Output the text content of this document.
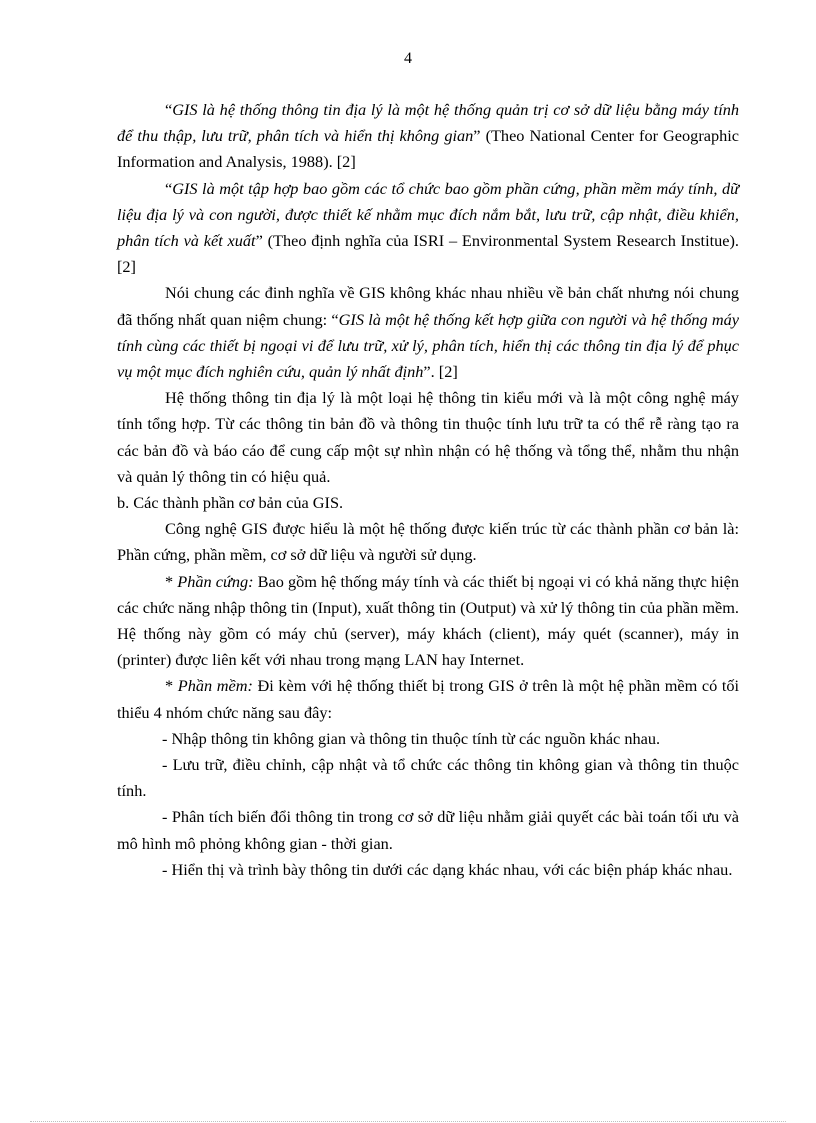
4

“GIS là hệ thống thông tin địa lý là một hệ thống quản trị cơ sở dữ liệu bằng máy tính để thu thập, lưu trữ, phân tích và hiển thị không gian” (Theo National Center for Geographic Information and Analysis, 1988). [2]

“GIS là một tập hợp bao gồm các tổ chức bao gồm phần cứng, phần mềm máy tính, dữ liệu địa lý và con người, được thiết kế nhằm mục đích nắm bắt, lưu trữ, cập nhật, điều khiển, phân tích và kết xuất” (Theo định nghĩa của ISRI – Environmental System Research Institue). [2]

Nói chung các đinh nghĩa về GIS không khác nhau nhiều về bản chất nhưng nói chung đã thống nhất quan niệm chung: “GIS là một hệ thống kết hợp giữa con người và hệ thống máy tính cùng các thiết bị ngoại vi để lưu trữ, xử lý, phân tích, hiển thị các thông tin địa lý để phục vụ một mục đích nghiên cứu, quản lý nhất định”. [2]

Hệ thống thông tin địa lý là một loại hệ thông tin kiểu mới và là một công nghệ máy tính tổng hợp. Từ các thông tin bản đồ và thông tin thuộc tính lưu trữ ta có thể rễ ràng tạo ra các bản đồ và báo cáo để cung cấp một sự nhìn nhận có hệ thống và tổng thể, nhằm thu nhận và quản lý thông tin có hiệu quả.

b. Các thành phần cơ bản của GIS.

Công nghệ GIS được hiểu là một hệ thống được kiến trúc từ các thành phần cơ bản là: Phần cứng, phần mềm, cơ sở dữ liệu và người sử dụng.

* Phần cứng: Bao gồm hệ thống máy tính và các thiết bị ngoại vi có khả năng thực hiện các chức năng nhập thông tin (Input), xuất thông tin (Output) và xử lý thông tin của phần mềm. Hệ thống này gồm có máy chủ (server), máy khách (client), máy quét (scanner), máy in (printer) được liên kết với nhau trong mạng LAN hay Internet.

* Phần mềm: Đi kèm với hệ thống thiết bị trong GIS ở trên là một hệ phần mềm có tối thiểu 4 nhóm chức năng sau đây:

- Nhập thông tin không gian và thông tin thuộc tính từ các nguồn khác nhau.

- Lưu trữ, điều chỉnh, cập nhật và tổ chức các thông tin không gian và thông tin thuộc tính.

- Phân tích biến đổi thông tin trong cơ sở dữ liệu nhằm giải quyết các bài toán tối ưu và mô hình mô phỏng không gian - thời gian.

- Hiển thị và trình bày thông tin dưới các dạng khác nhau, với các biện pháp khác nhau.
